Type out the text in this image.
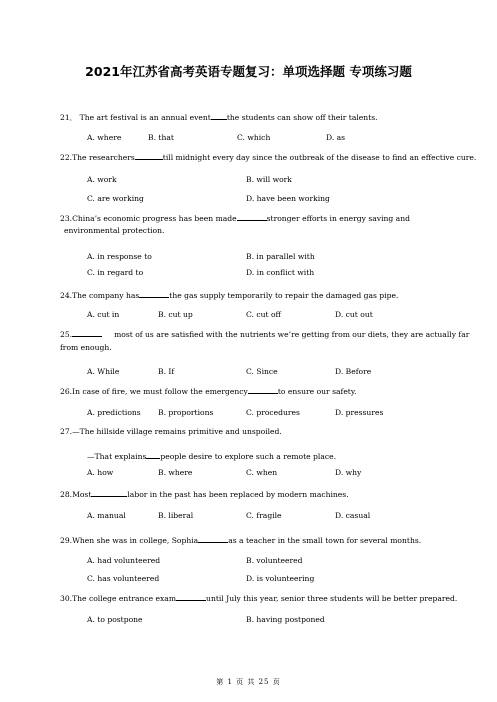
2021年江苏省高考英语专题复习：单项选择题 专项练习题
21． The art festival is an annual event the students can show off their talents.
A. where	B. that	C. which	D. as
22.The researchers	till midnight every day since the outbreak of the disease to find an effective cure.
A. work	B. will work
C. are working	D. have been working
23.China’s economic progress has been made	stronger efforts in energy saving and
environmental protection.
A. in response to	B. in parallel with
C. in regard to	D. in conflict with
24.The company has	the gas supply temporarily to repair the damaged gas pipe.
A. cut in	B. cut up	C. cut off	D. cut out
25.	most of us are satisfied with the nutrients we’re getting from our diets, they are actually far
from enough.
A. While	B. If	C. Since	D. Before
26.In case of fire, we must follow the emergency	to ensure our safety.
A. predictions B. proportions	C. procedures	D. pressures
27.—The hillside village remains primitive and unspoiled.
—That explains people desire to explore such a remote place.
A. how	B. where	C. when	D. why
28.Most	labor in the past has been replaced by modern machines.
A. manual	B. liberal	C. fragile	D. casual
29.When she was in college, Sophia	as a teacher in the small town for several months.
A. had volunteered	B. volunteered
C. has volunteered	D. is volunteering
30.The college entrance exam	until July this year, senior three students will be better prepared.
A. to postpone	B. having postponed
第 1 页 共 25 页
